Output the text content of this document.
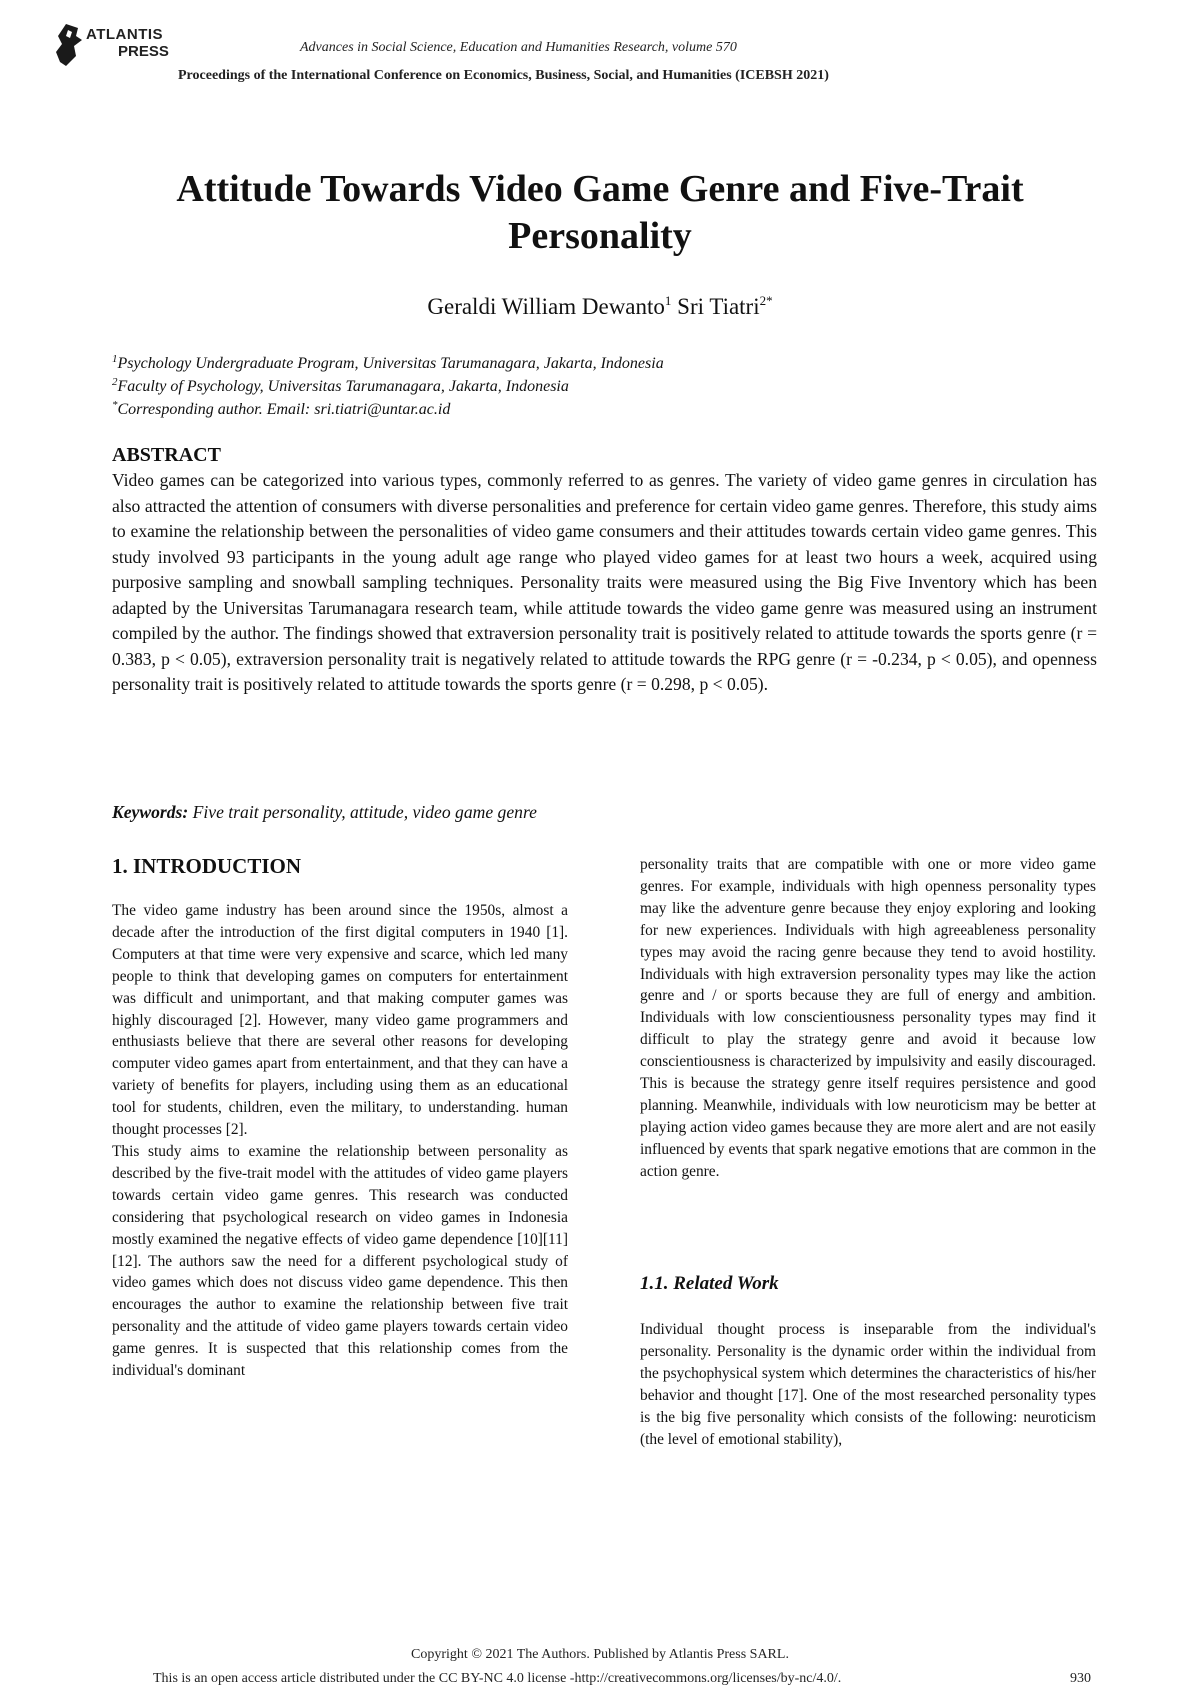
ATLANTIS
PRESS	Advances in Social Science, Education and Humanities Research, volume 570
Proceedings of the International Conference on Economics, Business, Social, and Humanities (ICEBSH 2021)
Attitude Towards Video Game Genre and Five-Trait
Personality
Geraldi William Dewanto$^1$ Sri Tiatri$^{2*}$
$^1$Psychology Undergraduate Program, Universitas Tarumanagara, Jakarta, Indonesia
$^2$Faculty of Psychology, Universitas Tarumanagara, Jakarta, Indonesia
*Corresponding author. Email: sri.tiatri@untar.ac.id
ABSTRACT
Video games can be categorized into various types, commonly referred to as genres. The variety of video game genres in circulation has also attracted the attention of consumers with diverse personalities and preference for certain video game genres. Therefore, this study aims to examine the relationship between the personalities of video game consumers and their attitudes towards certain video game genres. This study involved 93 participants in the young adult age range who played video games for at least two hours a week, acquired using purposive sampling and snowball sampling techniques. Personality traits were measured using the Big Five Inventory which has been adapted by the Universitas Tarumanagara research team, while attitude towards the video game genre was measured using an instrument compiled by the author. The findings showed that extraversion personality trait is positively related to attitude towards the sports genre (r = 0.383, p < 0.05), extraversion personality trait is negatively related to attitude towards the RPG genre (r = -0.234, p < 0.05), and openness personality trait is positively related to attitude towards the sports genre (r = 0.298, p < 0.05).
Keywords: Five trait personality, attitude, video game genre
1. INTRODUCTION

The video game industry has been around since the 1950s, almost a decade after the introduction of the first digital computers in 1940 [1]. Computers at that time were very expensive and scarce, which led many people to think that developing games on computers for entertainment was difficult and unimportant, and that making computer games was highly discouraged [2]. However, many video game programmers and enthusiasts believe that there are several other reasons for developing computer video games apart from entertainment, and that they can have a variety of benefits for players, including using them as an educational tool for students, children, even the military, to understanding. human thought processes [2].

This study aims to examine the relationship between personality as described by the five-trait model with the attitudes of video game players towards certain video game genres. This research was conducted considering that psychological research on video games in Indonesia mostly examined the negative effects of video game dependence [10][11][12]. The authors saw the need for a different psychological study of video games which does not discuss video game dependence. This then encourages the author to examine the relationship between five trait personality and the attitude of video game players towards certain video game genres. It is suspected that this relationship comes from the individual's dominant

personality traits that are compatible with one or more video game genres. For example, individuals with high openness personality types may like the adventure genre because they enjoy exploring and looking for new experiences. Individuals with high agreeableness personality types may avoid the racing genre because they tend to avoid hostility. Individuals with high extraversion personality types may like the action genre and / or sports because they are full of energy and ambition. Individuals with low conscientiousness personality types may find it difficult to play the strategy genre and avoid it because low conscientiousness is characterized by impulsivity and easily discouraged. This is because the strategy genre itself requires persistence and good planning. Meanwhile, individuals with low neuroticism may be better at playing action video games because they are more alert and are not easily influenced by events that spark negative emotions that are common in the action genre.

1.1. Related Work

Individual thought process is inseparable from the individual's personality. Personality is the dynamic order within the individual from the psychophysical system which determines the characteristics of his/her behavior and thought [17]. One of the most researched personality types is the big five personality which consists of the following: neuroticism (the level of emotional stability),

Copyright © 2021 The Authors. Published by Atlantis Press SARL.
This is an open access article distributed under the CC BY-NC 4.0 license -http://creativecommons.org/licenses/by-nc/4.0/.	930
